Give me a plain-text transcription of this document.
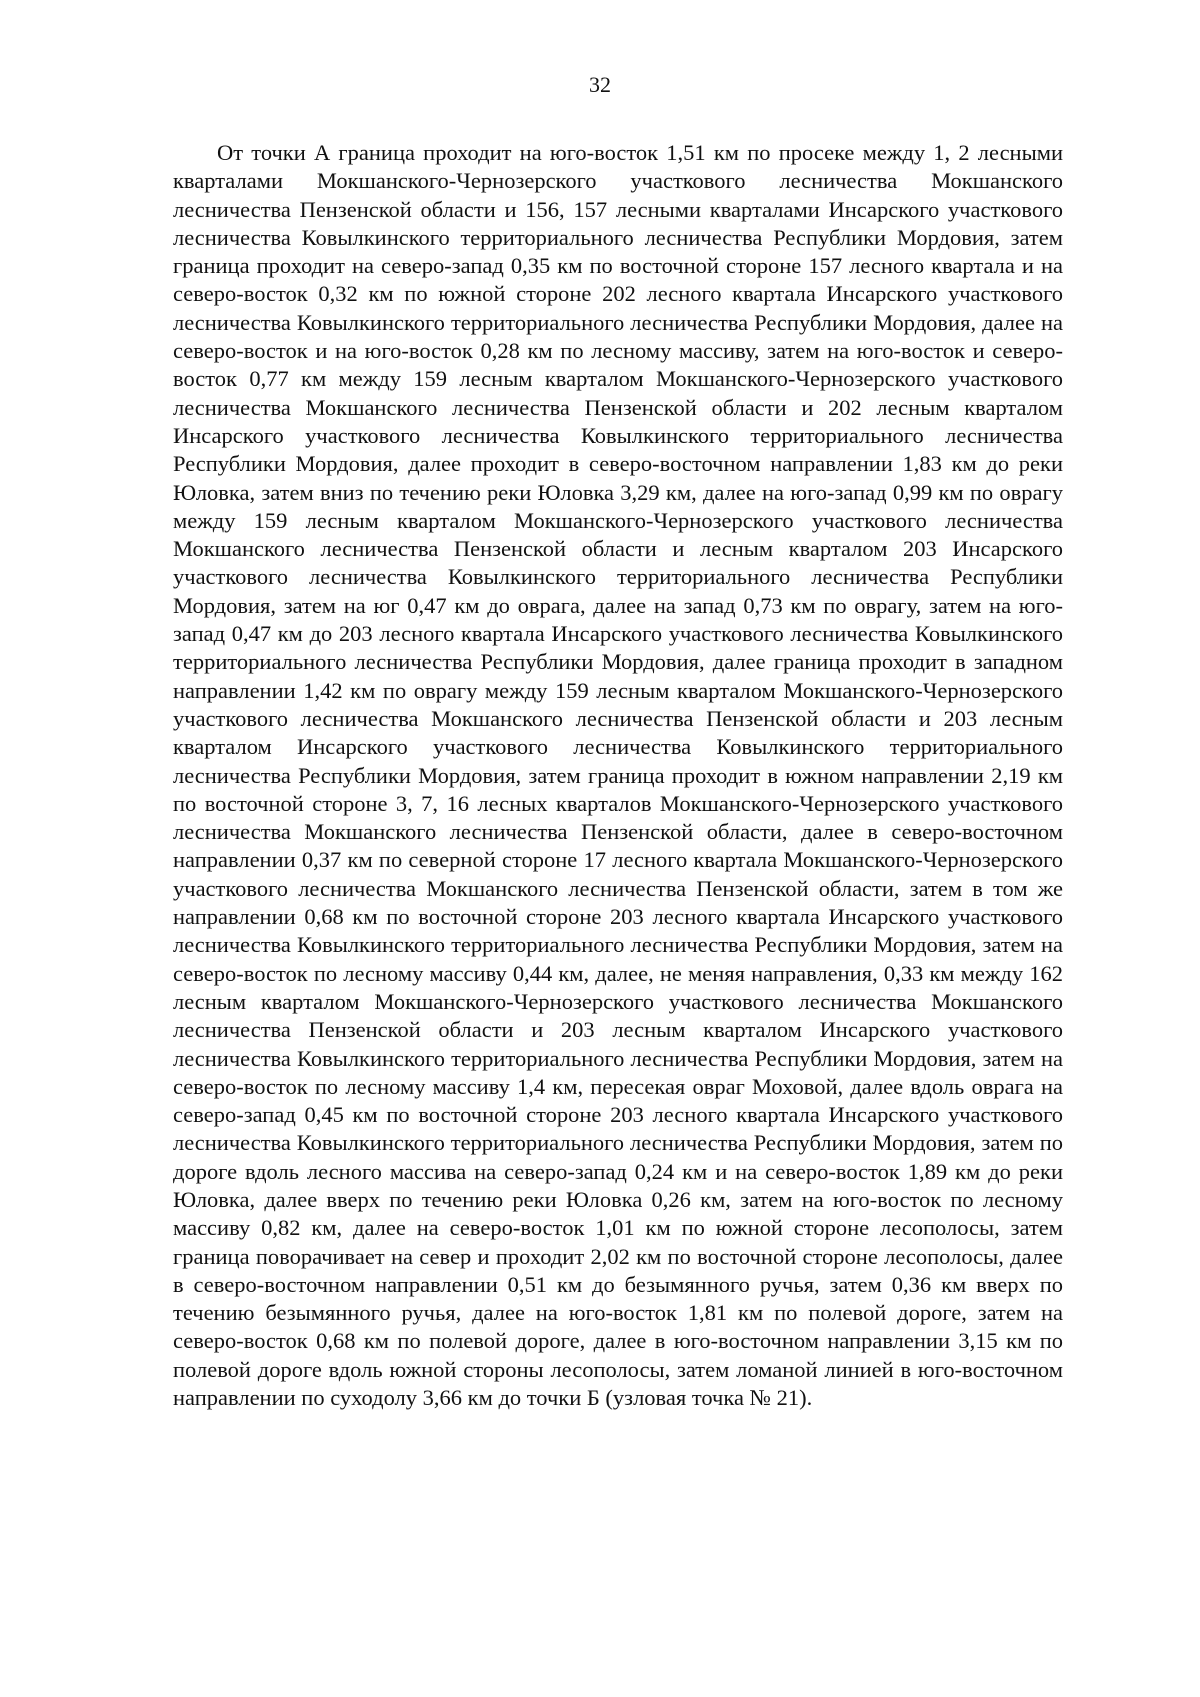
32

От точки А граница проходит на юго-восток 1,51 км по просеке между 1, 2 лесными кварталами Мокшанского-Чернозерского участкового лесничества Мокшанского лесничества Пензенской области и 156, 157 лесными кварталами Инсарского участкового лесничества Ковылкинского территориального лесничества Республики Мордовия, затем граница проходит на северо-запад 0,35 км по восточной стороне 157 лесного квартала и на северо-восток 0,32 км по южной стороне 202 лесного квартала Инсарского участкового лесничества Ковылкинского территориального лесничества Республики Мордовия, далее на северо-восток и на юго-восток 0,28 км по лесному массиву, затем на юго-восток и северо-восток 0,77 км между 159 лесным кварталом Мокшанского-Чернозерского участкового лесничества Мокшанского лесничества Пензенской области и 202 лесным кварталом Инсарского участкового лесничества Ковылкинского территориального лесничества Республики Мордовия, далее проходит в северо-восточном направлении 1,83 км до реки Юловка, затем вниз по течению реки Юловка 3,29 км, далее на юго-запад 0,99 км по оврагу между 159 лесным кварталом Мокшанского-Чернозерского участкового лесничества Мокшанского лесничества Пензенской области и лесным кварталом 203 Инсарского участкового лесничества Ковылкинского территориального лесничества Республики Мордовия, затем на юг 0,47 км до оврага, далее на запад 0,73 км по оврагу, затем на юго-запад 0,47 км до 203 лесного квартала Инсарского участкового лесничества Ковылкинского территориального лесничества Республики Мордовия, далее граница проходит в западном направлении 1,42 км по оврагу между 159 лесным кварталом Мокшанского-Чернозерского участкового лесничества Мокшанского лесничества Пензенской области и 203 лесным кварталом Инсарского участкового лесничества Ковылкинского территориального лесничества Республики Мордовия, затем граница проходит в южном направлении 2,19 км по восточной стороне 3, 7, 16 лесных кварталов Мокшанского-Чернозерского участкового лесничества Мокшанского лесничества Пензенской области, далее в северо-восточном направлении 0,37 км по северной стороне 17 лесного квартала Мокшанского-Чернозерского участкового лесничества Мокшанского лесничества Пензенской области, затем в том же направлении 0,68 км по восточной стороне 203 лесного квартала Инсарского участкового лесничества Ковылкинского территориального лесничества Республики Мордовия, затем на северо-восток по лесному массиву 0,44 км, далее, не меняя направления, 0,33 км между 162 лесным кварталом Мокшанского-Чернозерского участкового лесничества Мокшанского лесничества Пензенской области и 203 лесным кварталом Инсарского участкового лесничества Ковылкинского территориального лесничества Республики Мордовия, затем на северо-восток по лесному массиву 1,4 км, пересекая овраг Моховой, далее вдоль оврага на северо-запад 0,45 км по восточной стороне 203 лесного квартала Инсарского участкового лесничества Ковылкинского территориального лесничества Республики Мордовия, затем по дороге вдоль лесного массива на северо-запад 0,24 км и на северо-восток 1,89 км до реки Юловка, далее вверх по течению реки Юловка 0,26 км, затем на юго-восток по лесному массиву 0,82 км, далее на северо-восток 1,01 км по южной стороне лесополосы, затем граница поворачивает на север и проходит 2,02 км по восточной стороне лесополосы, далее в северо-восточном направлении 0,51 км до безымянного ручья, затем 0,36 км вверх по течению безымянного ручья, далее на юго-восток 1,81 км по полевой дороге, затем на северо-восток 0,68 км по полевой дороге, далее в юго-восточном направлении 3,15 км по полевой дороге вдоль южной стороны лесополосы, затем ломаной линией в юго-восточном направлении по суходолу 3,66 км до точки Б (узловая точка № 21).
